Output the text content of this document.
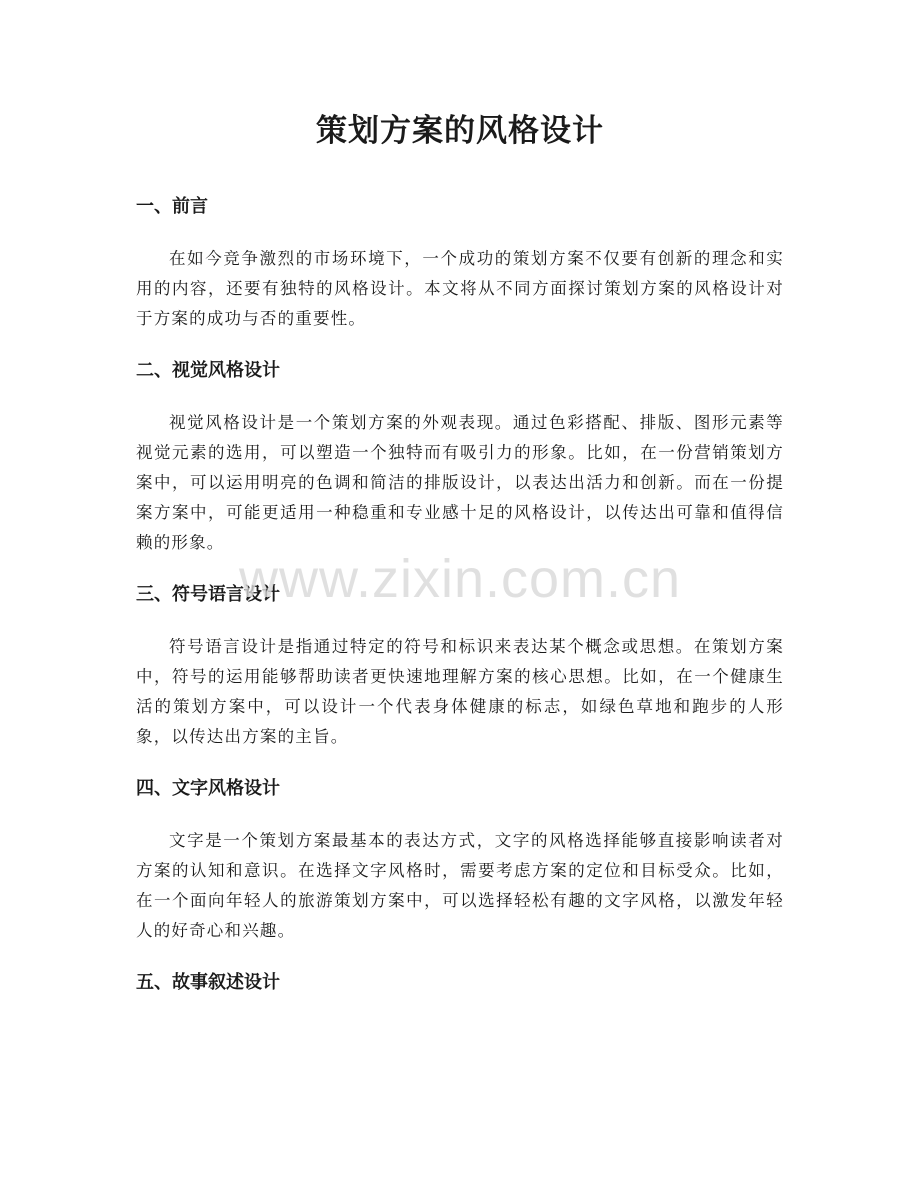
策划方案的风格设计
一、前言
在如今竞争激烈的市场环境下，一个成功的策划方案不仅要有创新的理念和实用的内容，还要有独特的风格设计。本文将从不同方面探讨策划方案的风格设计对于方案的成功与否的重要性。
二、视觉风格设计
视觉风格设计是一个策划方案的外观表现。通过色彩搭配、排版、图形元素等视觉元素的选用，可以塑造一个独特而有吸引力的形象。比如，在一份营销策划方案中，可以运用明亮的色调和简洁的排版设计，以表达出活力和创新。而在一份提案方案中，可能更适用一种稳重和专业感十足的风格设计，以传达出可靠和值得信赖的形象。
三、符号语言设计
符号语言设计是指通过特定的符号和标识来表达某个概念或思想。在策划方案中，符号的运用能够帮助读者更快速地理解方案的核心思想。比如，在一个健康生活的策划方案中，可以设计一个代表身体健康的标志，如绿色草地和跑步的人形象，以传达出方案的主旨。
四、文字风格设计
文字是一个策划方案最基本的表达方式，文字的风格选择能够直接影响读者对方案的认知和意识。在选择文字风格时，需要考虑方案的定位和目标受众。比如，在一个面向年轻人的旅游策划方案中，可以选择轻松有趣的文字风格，以激发年轻人的好奇心和兴趣。
五、故事叙述设计
www.zixin.com.cn
